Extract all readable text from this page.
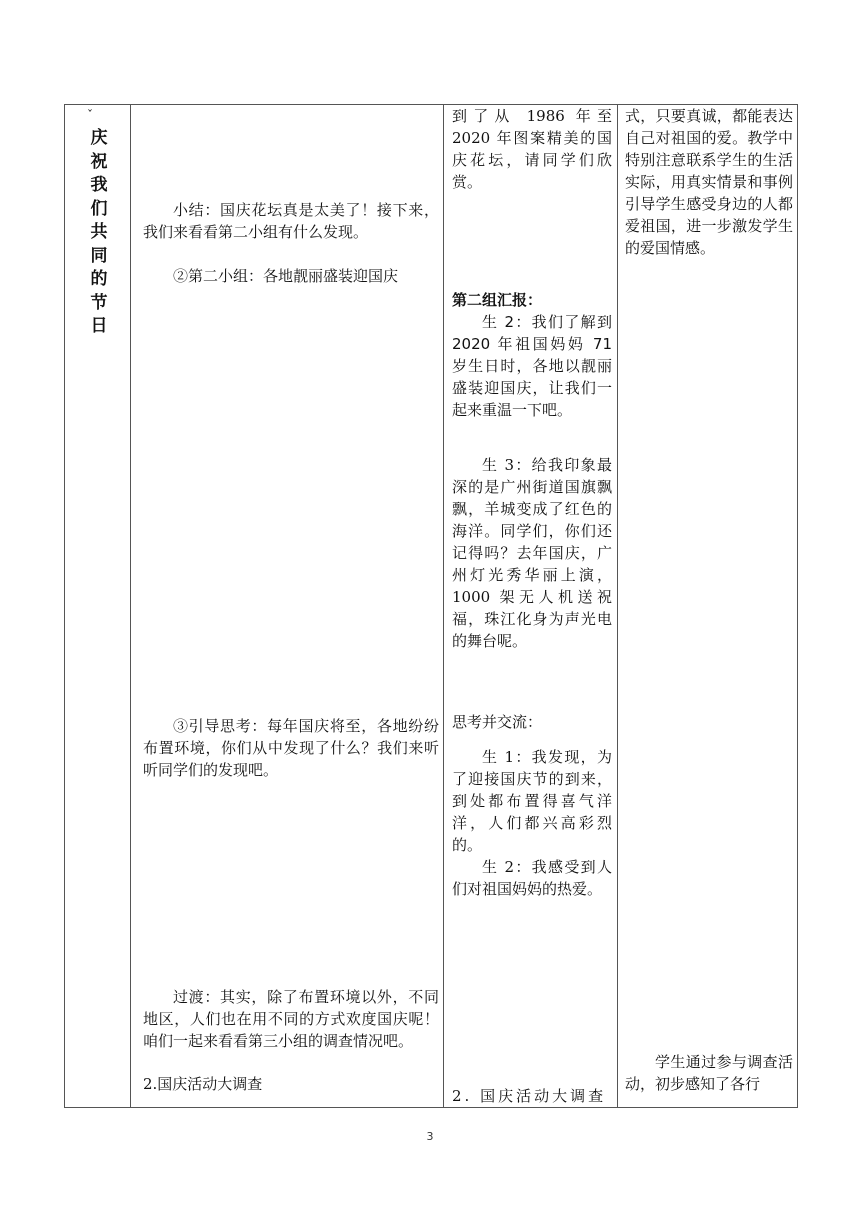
ˇ
庆祝我们共同的节日

小结：国庆花坛真是太美了！接下来，我们来看看第二小组有什么发现。

②第二小组：各地靓丽盛装迎国庆

③引导思考：每年国庆将至，各地纷纷布置环境，你们从中发现了什么？我们来听听同学们的发现吧。

过渡：其实，除了布置环境以外，不同地区，人们也在用不同的方式欢度国庆呢！咱们一起来看看第三小组的调查情况吧。

2.国庆活动大调查

到了从 1986 年至 2020 年图案精美的国庆花坛，请同学们欣赏。

第二组汇报：

生 2：我们了解到 2020 年祖国妈妈 71 岁生日时，各地以靓丽盛装迎国庆，让我们一起来重温一下吧。

生 3：给我印象最深的是广州街道国旗飘飘，羊城变成了红色的海洋。同学们，你们还记得吗？去年国庆，广州灯光秀华丽上演，1000 架无人机送祝福，珠江化身为声光电的舞台呢。

思考并交流：

生 1：我发现，为了迎接国庆节的到来，到处都布置得喜气洋洋，人们都兴高彩烈的。

生 2：我感受到人们对祖国妈妈的热爱。

2. 国庆活动大调查

式，只要真诚，都能表达自己对祖国的爱。教学中特别注意联系学生的生活实际，用真实情景和事例引导学生感受身边的人都爱祖国，进一步激发学生的爱国情感。

学生通过参与调查活动，初步感知了各行

3
